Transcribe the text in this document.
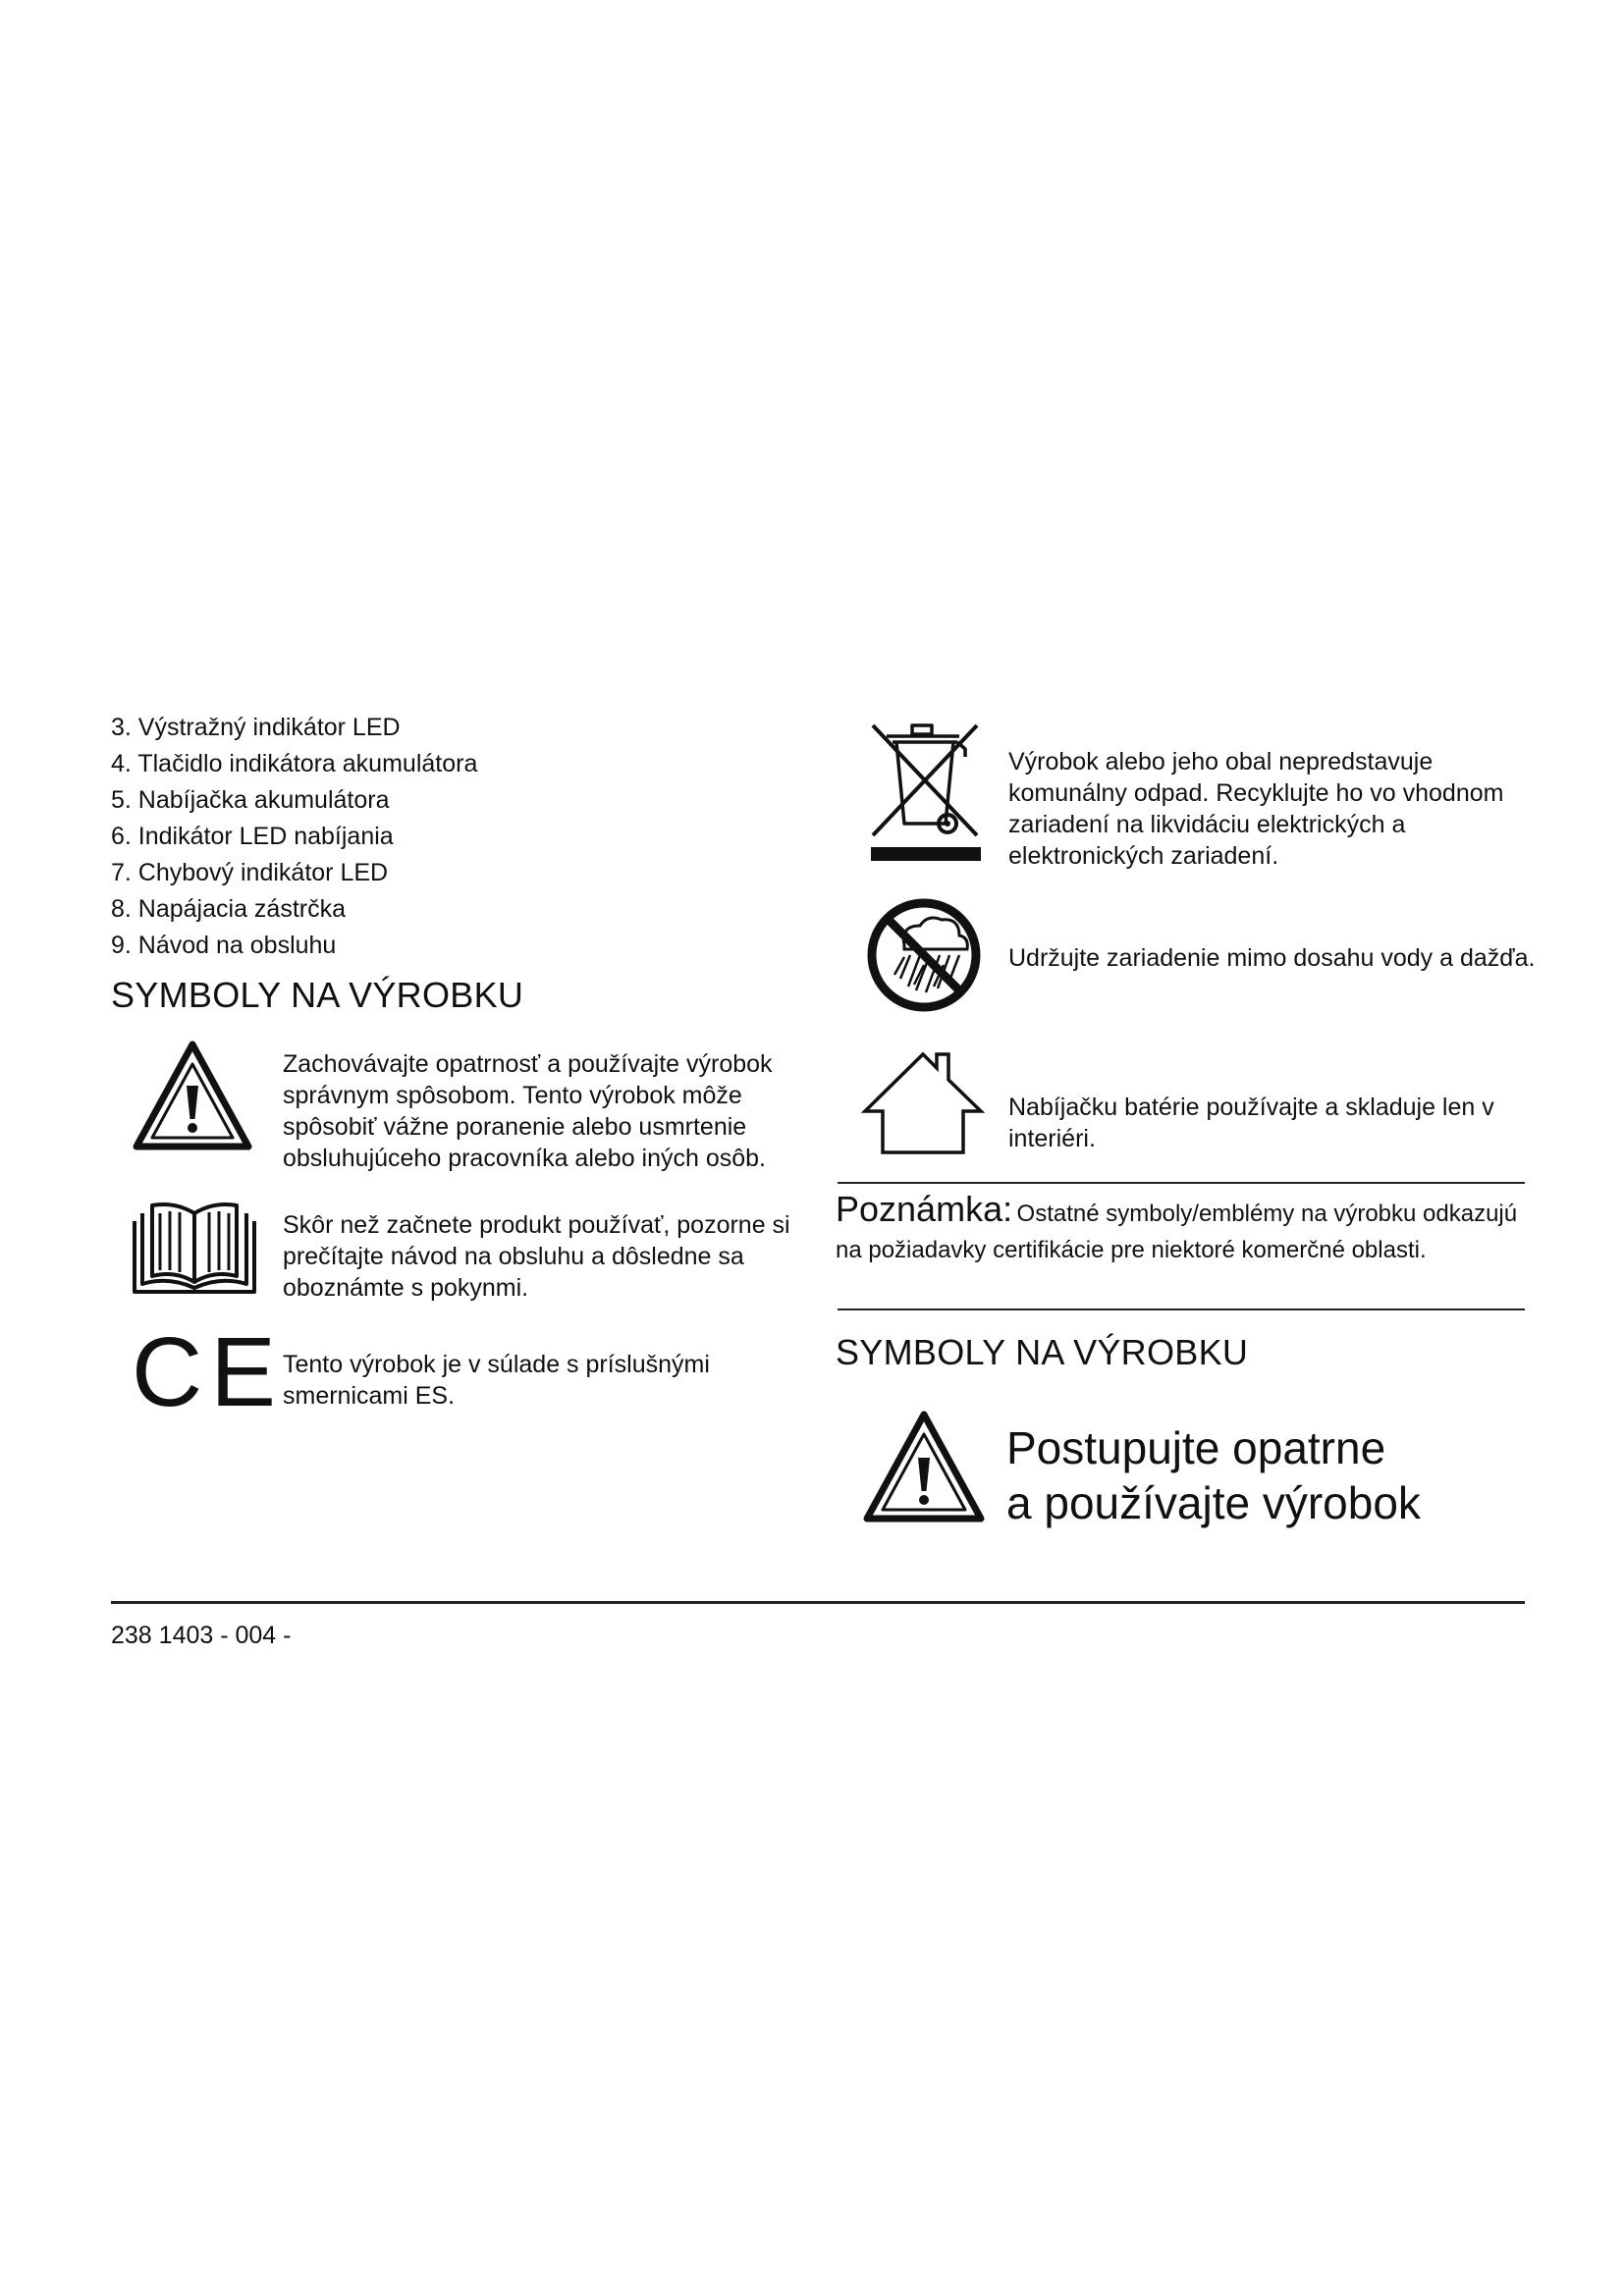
3. Výstražný indikátor LED
4. Tlačidlo indikátora akumulátora
5. Nabíjačka akumulátora
6. Indikátor LED nabíjania
7. Chybový indikátor LED
8. Napájacia zástrčka
9. Návod na obsluhu
SYMBOLY NA VÝROBKU
Zachovávajte opatrnosť a používajte výrobok správnym spôsobom. Tento výrobok môže spôsobiť vážne poranenie alebo usmrtenie obsluhujúceho pracovníka alebo iných osôb.
Skôr než začnete produkt používať, pozorne si prečítajte návod na obsluhu a dôsledne sa oboznámte s pokynmi.
CE Tento výrobok je v súlade s príslušnými smernicami ES.
Výrobok alebo jeho obal nepredstavuje komunálny odpad. Recyklujte ho vo vhodnom zariadení na likvidáciu elektrických a elektronických zariadení.
Udržujte zariadenie mimo dosahu vody a dažďa.
Nabíjačku batérie používajte a skladuje len v interiéri.
Poznámka: Ostatné symboly/emblémy na výrobku odkazujú na požiadavky certifikácie pre niektoré komerčné oblasti.
SYMBOLY NA VÝROBKU
Postupujte opatrne
a používajte výrobok
238 1403 - 004 -
